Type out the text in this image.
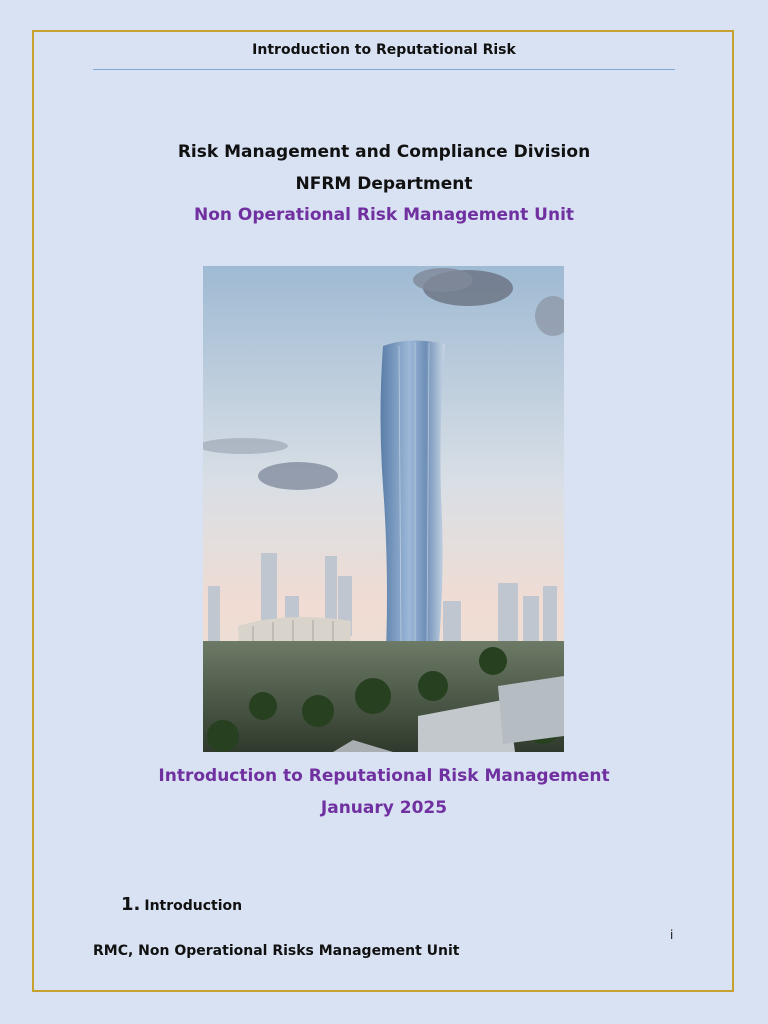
Introduction to Reputational Risk
Risk Management and Compliance Division
NFRM Department
Non Operational Risk Management Unit
Introduction to Reputational Risk Management
January 2025
1. Introduction
i
RMC, Non Operational Risks Management Unit
